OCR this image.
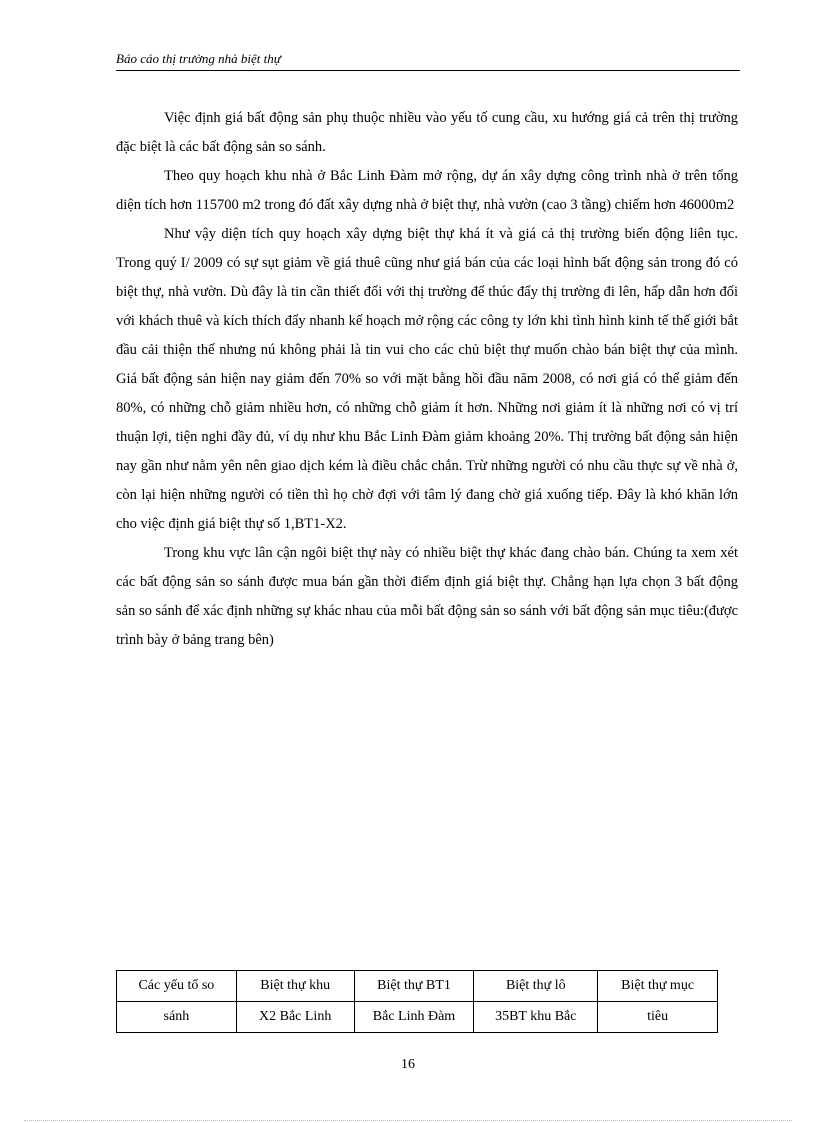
Báo cáo thị trường nhà biệt thự

Việc định giá bất động sản phụ thuộc nhiều vào yếu tố cung cầu, xu hướng giá cả trên thị trường đặc biệt là các bất động sản so sánh.

Theo quy hoạch khu nhà ở Bắc Linh Đàm mở rộng, dự án xây dựng công trình nhà ở trên tổng diện tích hơn 115700 m2 trong đó đất xây dựng nhà ở biệt thự, nhà vườn (cao 3 tầng) chiếm hơn 46000m2

Như vậy diện tích quy hoạch xây dựng biệt thự khá ít và giá cả thị trường biến động liên tục. Trong quý I/ 2009 có sự sụt giảm về giá thuê cũng như giá bán của các loại hình bất động sản trong đó có biệt thự, nhà vườn. Dù đây là tin cần thiết đối với thị trường để thúc đẩy thị trường đi lên, hấp dẫn hơn đối với khách thuê và kích thích đẩy nhanh kế hoạch mở rộng các công ty lớn khi tình hình kinh tế thế giới bắt đầu cải thiện thế nhưng nú không phải là tin vui cho các chủ biệt thự muốn chào bán biệt thự của mình. Giá bất động sản hiện nay giảm đến 70% so với mặt bằng hồi đầu năm 2008, có nơi giá có thể giảm đến 80%, có những chỗ giảm nhiều hơn, có những chỗ giảm ít hơn. Những nơi giảm ít là những nơi có vị trí thuận lợi, tiện nghi đầy đủ, ví dụ như khu Bắc Linh Đàm giảm khoảng 20%. Thị trường bất động sản hiện nay gần như nằm yên nên giao dịch kém là điều chắc chắn. Trừ những người có nhu cầu thực sự về nhà ở, còn lại hiện những người có tiền thì họ chờ đợi với tâm lý đang chờ giá xuống tiếp. Đây là khó khăn lớn cho việc định giá biệt thự số 1,BT1-X2.

Trong khu vực lân cận ngôi biệt thự này có nhiều biệt thự khác đang chào bán. Chúng ta xem xét các bất động sản so sánh được mua bán gần thời điểm định giá biệt thự. Chẳng hạn lựa chọn 3 bất động sản so sánh để xác định những sự khác nhau của mỗi bất động sản so sánh với bất động sản mục tiêu:(được trình bày ở bảng trang bên)

Các yếu tố so	Biệt thự khu	Biệt thự BT1	Biệt thự lô	Biệt thự mục
sánh	X2 Bắc Linh	Bắc Linh Đàm	35BT khu Bắc	tiêu
16
